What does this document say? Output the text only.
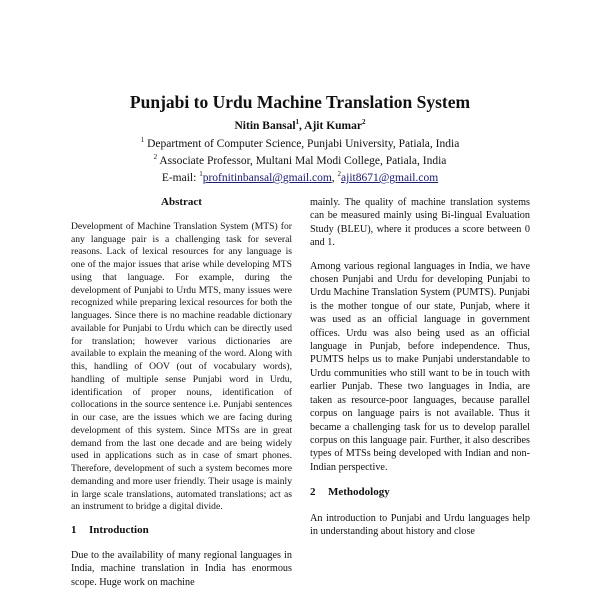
Punjabi to Urdu Machine Translation System
Nitin Bansal$^1$, Ajit Kumar$^2$
$^1$ Department of Computer Science, Punjabi University, Patiala, India
$^2$ Associate Professor, Multani Mal Modi College, Patiala, India
E-mail: $^1$profnitinbansal@gmail.com, $^2$ajit8671@gmail.com
Abstract

Development of Machine Translation System (MTS) for any language pair is a challenging task for several reasons. Lack of lexical resources for any language is one of the major issues that arise while developing MTS using that language. For example, during the development of Punjabi to Urdu MTS, many issues were recognized while preparing lexical resources for both the languages. Since there is no machine readable dictionary available for Punjabi to Urdu which can be directly used for translation; however various dictionaries are available to explain the meaning of the word. Along with this, handling of OOV (out of vocabulary words), handling of multiple sense Punjabi word in Urdu, identification of proper nouns, identification of collocations in the source sentence i.e. Punjabi sentences in our case, are the issues which we are facing during development of this system. Since MTSs are in great demand from the last one decade and are being widely used in applications such as in case of smart phones. Therefore, development of such a system becomes more demanding and more user friendly. Their usage is mainly in large scale translations, automated translations; act as an instrument to bridge a digital divide.

1 Introduction

Due to the availability of many regional languages in India, machine translation in India has enormous scope. Huge work on machine

mainly. The quality of machine translation systems can be measured mainly using Bi-lingual Evaluation Study (BLEU), where it produces a score between 0 and 1.

Among various regional languages in India, we have chosen Punjabi and Urdu for developing Punjabi to Urdu Machine Translation System (PUMTS). Punjabi is the mother tongue of our state, Punjab, where it was used as an official language in government offices. Urdu was also being used as an official language in Punjab, before independence. Thus, PUMTS helps us to make Punjabi understandable to Urdu communities who still want to be in touch with earlier Punjab. These two languages in India, are taken as resource-poor languages, because parallel corpus on language pairs is not available. Thus it became a challenging task for us to develop parallel corpus on this language pair. Further, it also describes types of MTSs being developed with Indian and non-Indian perspective.

2 Methodology

An introduction to Punjabi and Urdu languages help in understanding about history and close
